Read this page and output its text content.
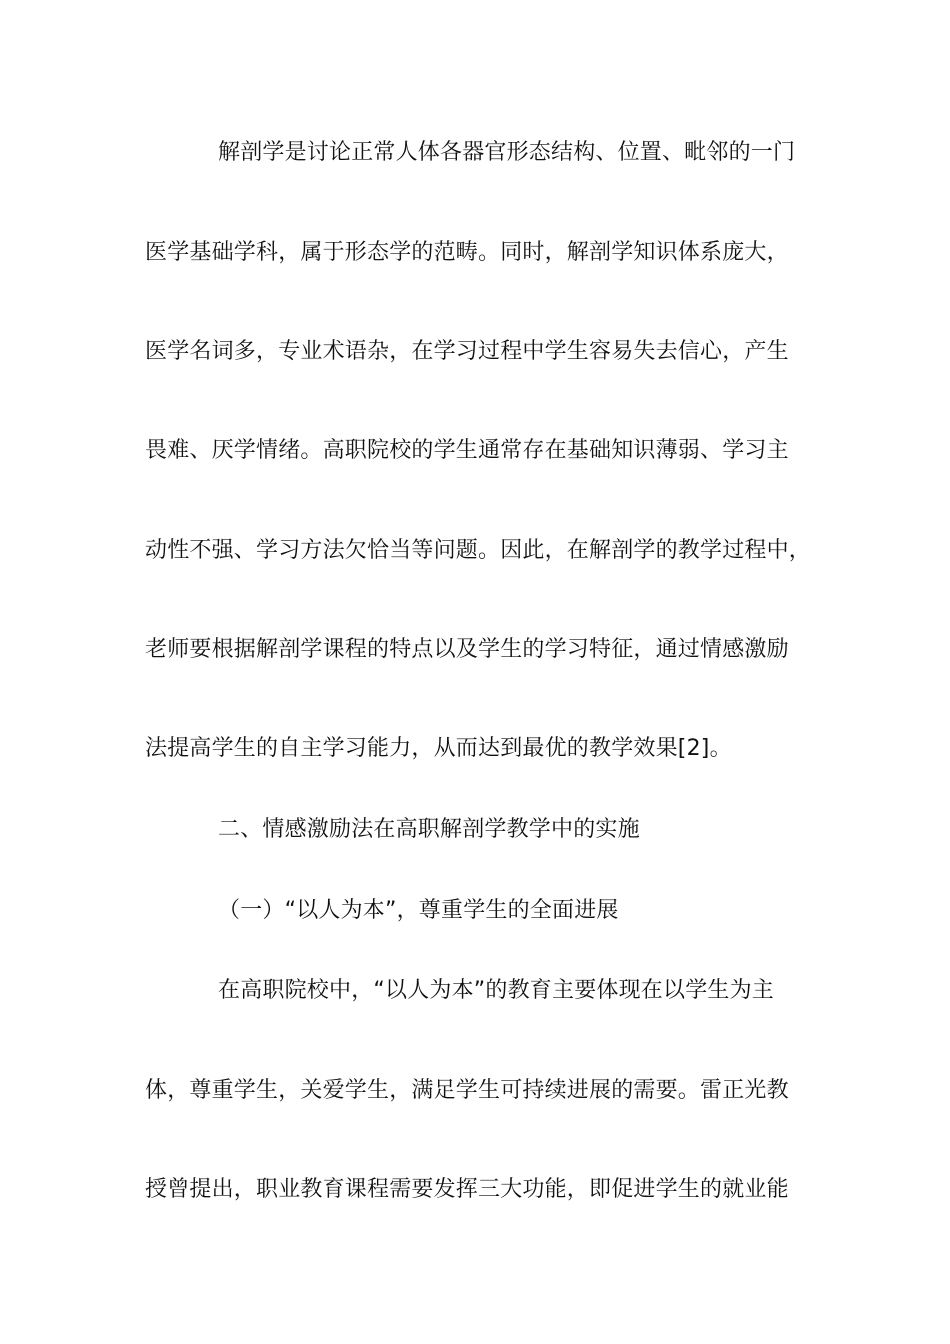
解剖学是讨论正常人体各器官形态结构、位置、毗邻的一门
医学基础学科，属于形态学的范畴。同时，解剖学知识体系庞大，
医学名词多，专业术语杂，在学习过程中学生容易失去信心，产生
畏难、厌学情绪。高职院校的学生通常存在基础知识薄弱、学习主
动性不强、学习方法欠恰当等问题。因此，在解剖学的教学过程中，
老师要根据解剖学课程的特点以及学生的学习特征，通过情感激励
法提高学生的自主学习能力，从而达到最优的教学效果[2]。
二、情感激励法在高职解剖学教学中的实施
（一）“以人为本”，尊重学生的全面进展
在高职院校中，“以人为本”的教育主要体现在以学生为主
体，尊重学生，关爱学生，满足学生可持续进展的需要。雷正光教
授曾提出，职业教育课程需要发挥三大功能，即促进学生的就业能
